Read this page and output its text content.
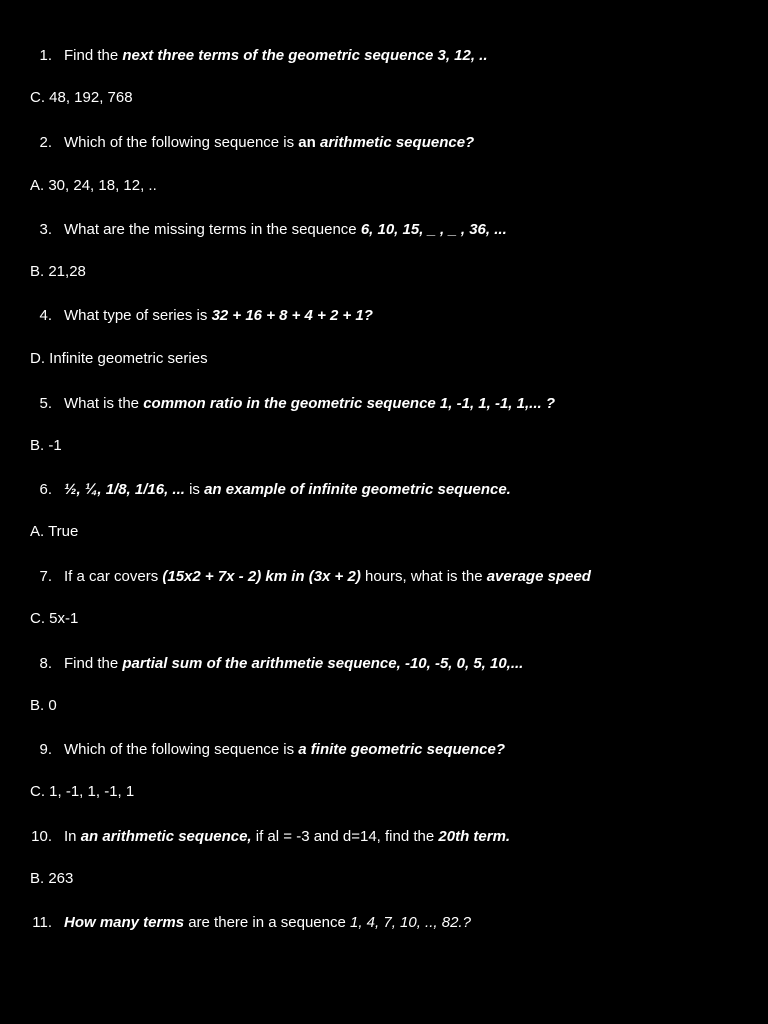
1. Find the next three terms of the geometric sequence 3, 12, ..
C. 48, 192, 768
2. Which of the following sequence is an arithmetic sequence?
A. 30, 24, 18, 12, ..
3. What are the missing terms in the sequence 6, 10, 15, _ , _ , 36, ...
B. 21,28
4. What type of series is 32 + 16 + 8 + 4 + 2 + 1?
D. Infinite geometric series
5. What is the common ratio in the geometric sequence 1, -1, 1, -1, 1,... ?
B. -1
6. ½, ¼, 1/8, 1/16, ... is an example of infinite geometric sequence.
A. True
7. If a car covers (15x2 + 7x - 2) km in (3x + 2) hours, what is the average speed
C. 5x-1
8. Find the partial sum of the arithmetie sequence, -10, -5, 0, 5, 10,...
B. 0
9. Which of the following sequence is a finite geometric sequence?
C. 1, -1, 1, -1, 1
10. In an arithmetic sequence, if al = -3 and d=14, find the 20th term.
B. 263
11. How many terms are there in a sequence 1, 4, 7, 10, .., 82.?
